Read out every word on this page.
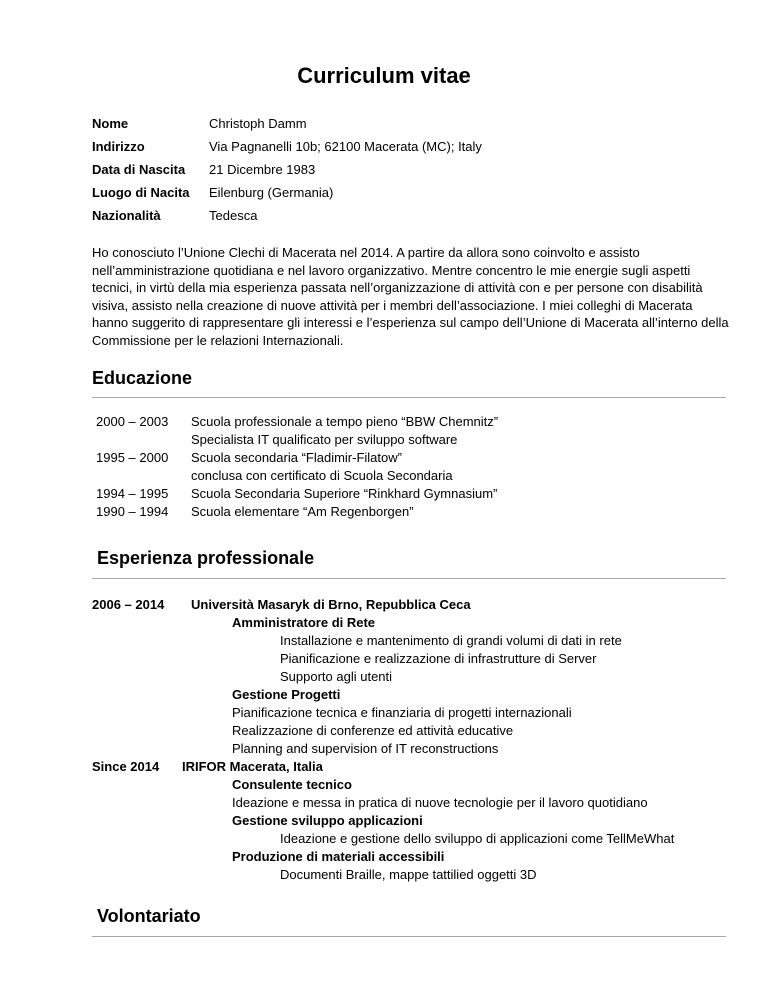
Curriculum vitae
Nome	Christoph Damm
Indirizzo	Via Pagnanelli 10b; 62100 Macerata (MC); Italy
Data di Nascita 21 Dicembre 1983
Luogo di Nacita Eilenburg (Germania)
Nazionalità	Tedesca
Ho conosciuto l’Unione Clechi di Macerata nel 2014. A partire da allora sono coinvolto e assisto nell’amministrazione quotidiana e nel lavoro organizzativo. Mentre concentro le mie energie sugli aspetti tecnici, in virtù della mia esperienza passata nell’organizzazione di attività con e per persone con disabilità visiva, assisto nella creazione di nuove attività per i membri dell’associazione. I miei colleghi di Macerata hanno suggerito di rappresentare gli interessi e l’esperienza sul campo dell’Unione di Macerata all’interno della Commissione per le relazioni Internazionali.
Educazione
2000 – 2003 Scuola professionale a tempo pieno “BBW Chemnitz”
Specialista IT qualificato per sviluppo software
1995 – 2000 Scuola secondaria “Fladimir-Filatow”
conclusa con certificato di Scuola Secondaria
1994 – 1995 Scuola Secondaria Superiore “Rinkhard Gymnasium”
1990 – 1994 Scuola elementare “Am Regenborgen”
Esperienza professionale
2006 – 2014 Università Masaryk di Brno, Repubblica Ceca
Amministratore di Rete
Installazione e mantenimento di grandi volumi di dati in rete
Pianificazione e realizzazione di infrastrutture di Server
Supporto agli utenti
Gestione Progetti
Pianificazione tecnica e finanziaria di progetti internazionali
Realizzazione di conferenze ed attività educative
Planning and supervision of IT reconstructions
Since 2014 IRIFOR Macerata, Italia
Consulente tecnico
Ideazione e messa in pratica di nuove tecnologie per il lavoro quotidiano
Gestione sviluppo applicazioni
Ideazione e gestione dello sviluppo di applicazioni come TellMeWhat
Produzione di materiali accessibili
Documenti Braille, mappe tattilied oggetti 3D
Volontariato
